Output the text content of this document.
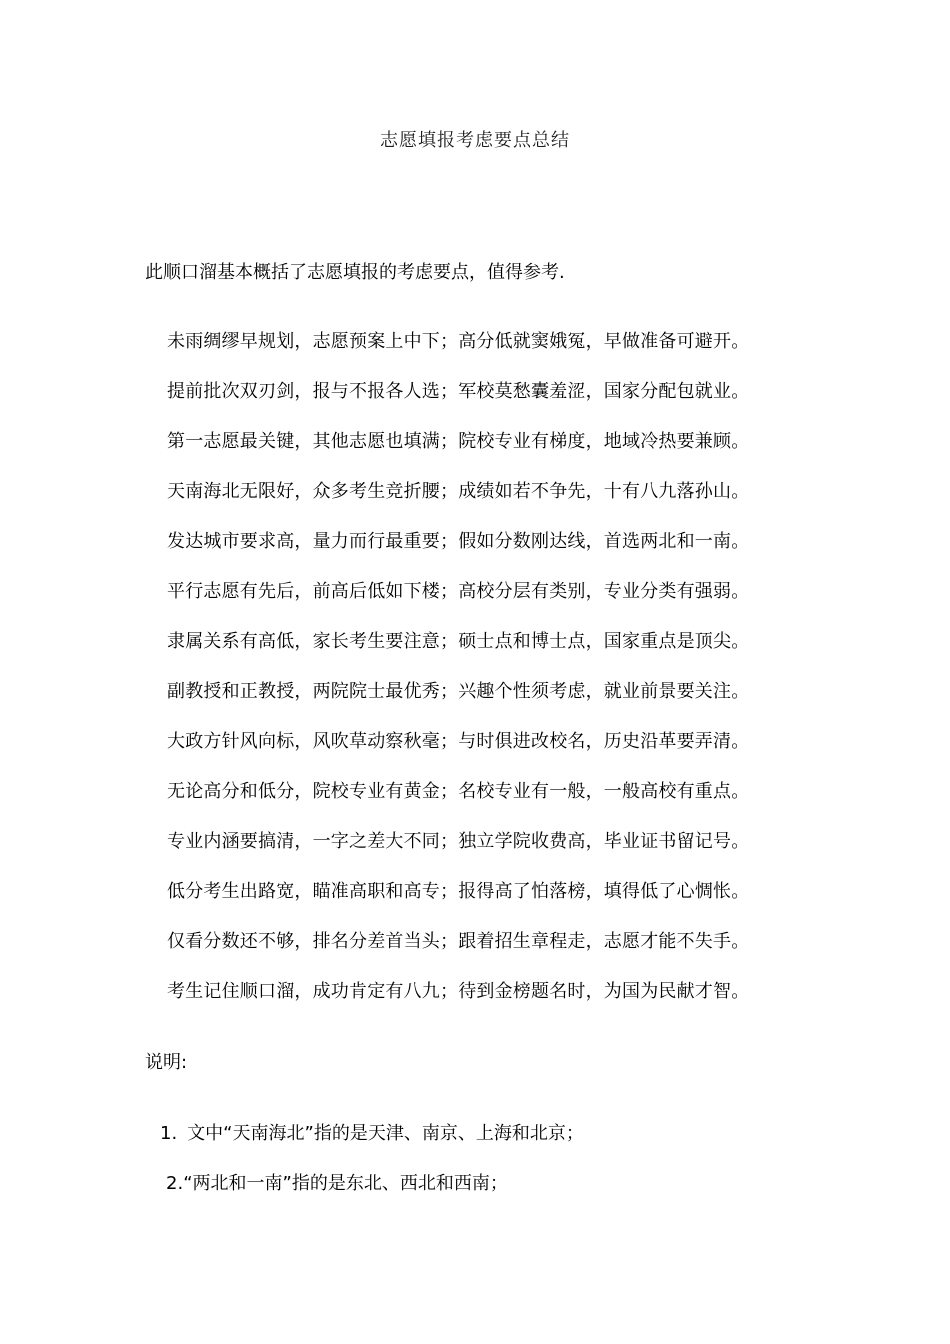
志愿填报考虑要点总结
此顺口溜基本概括了志愿填报的考虑要点，值得参考.
未雨绸缪早规划，志愿预案上中下；高分低就窦娥冤，早做准备可避开。
提前批次双刃剑，报与不报各人选；军校莫愁囊羞涩，国家分配包就业。
第一志愿最关键，其他志愿也填满；院校专业有梯度，地域冷热要兼顾。
天南海北无限好，众多考生竞折腰；成绩如若不争先，十有八九落孙山。
发达城市要求高，量力而行最重要；假如分数刚达线，首选两北和一南。
平行志愿有先后，前高后低如下楼；高校分层有类别，专业分类有强弱。
隶属关系有高低，家长考生要注意；硕士点和博士点，国家重点是顶尖。
副教授和正教授，两院院士最优秀；兴趣个性须考虑，就业前景要关注。
大政方针风向标，风吹草动察秋毫；与时俱进改校名，历史沿革要弄清。
无论高分和低分，院校专业有黄金；名校专业有一般，一般高校有重点。
专业内涵要搞清，一字之差大不同；独立学院收费高，毕业证书留记号。
低分考生出路宽，瞄准高职和高专；报得高了怕落榜，填得低了心惆怅。
仅看分数还不够，排名分差首当头；跟着招生章程走，志愿才能不失手。
考生记住顺口溜，成功肯定有八九；待到金榜题名时，为国为民献才智。
说明:
1. 文中“天南海北”指的是天津、南京、上海和北京；
2.“两北和一南”指的是东北、西北和西南；
